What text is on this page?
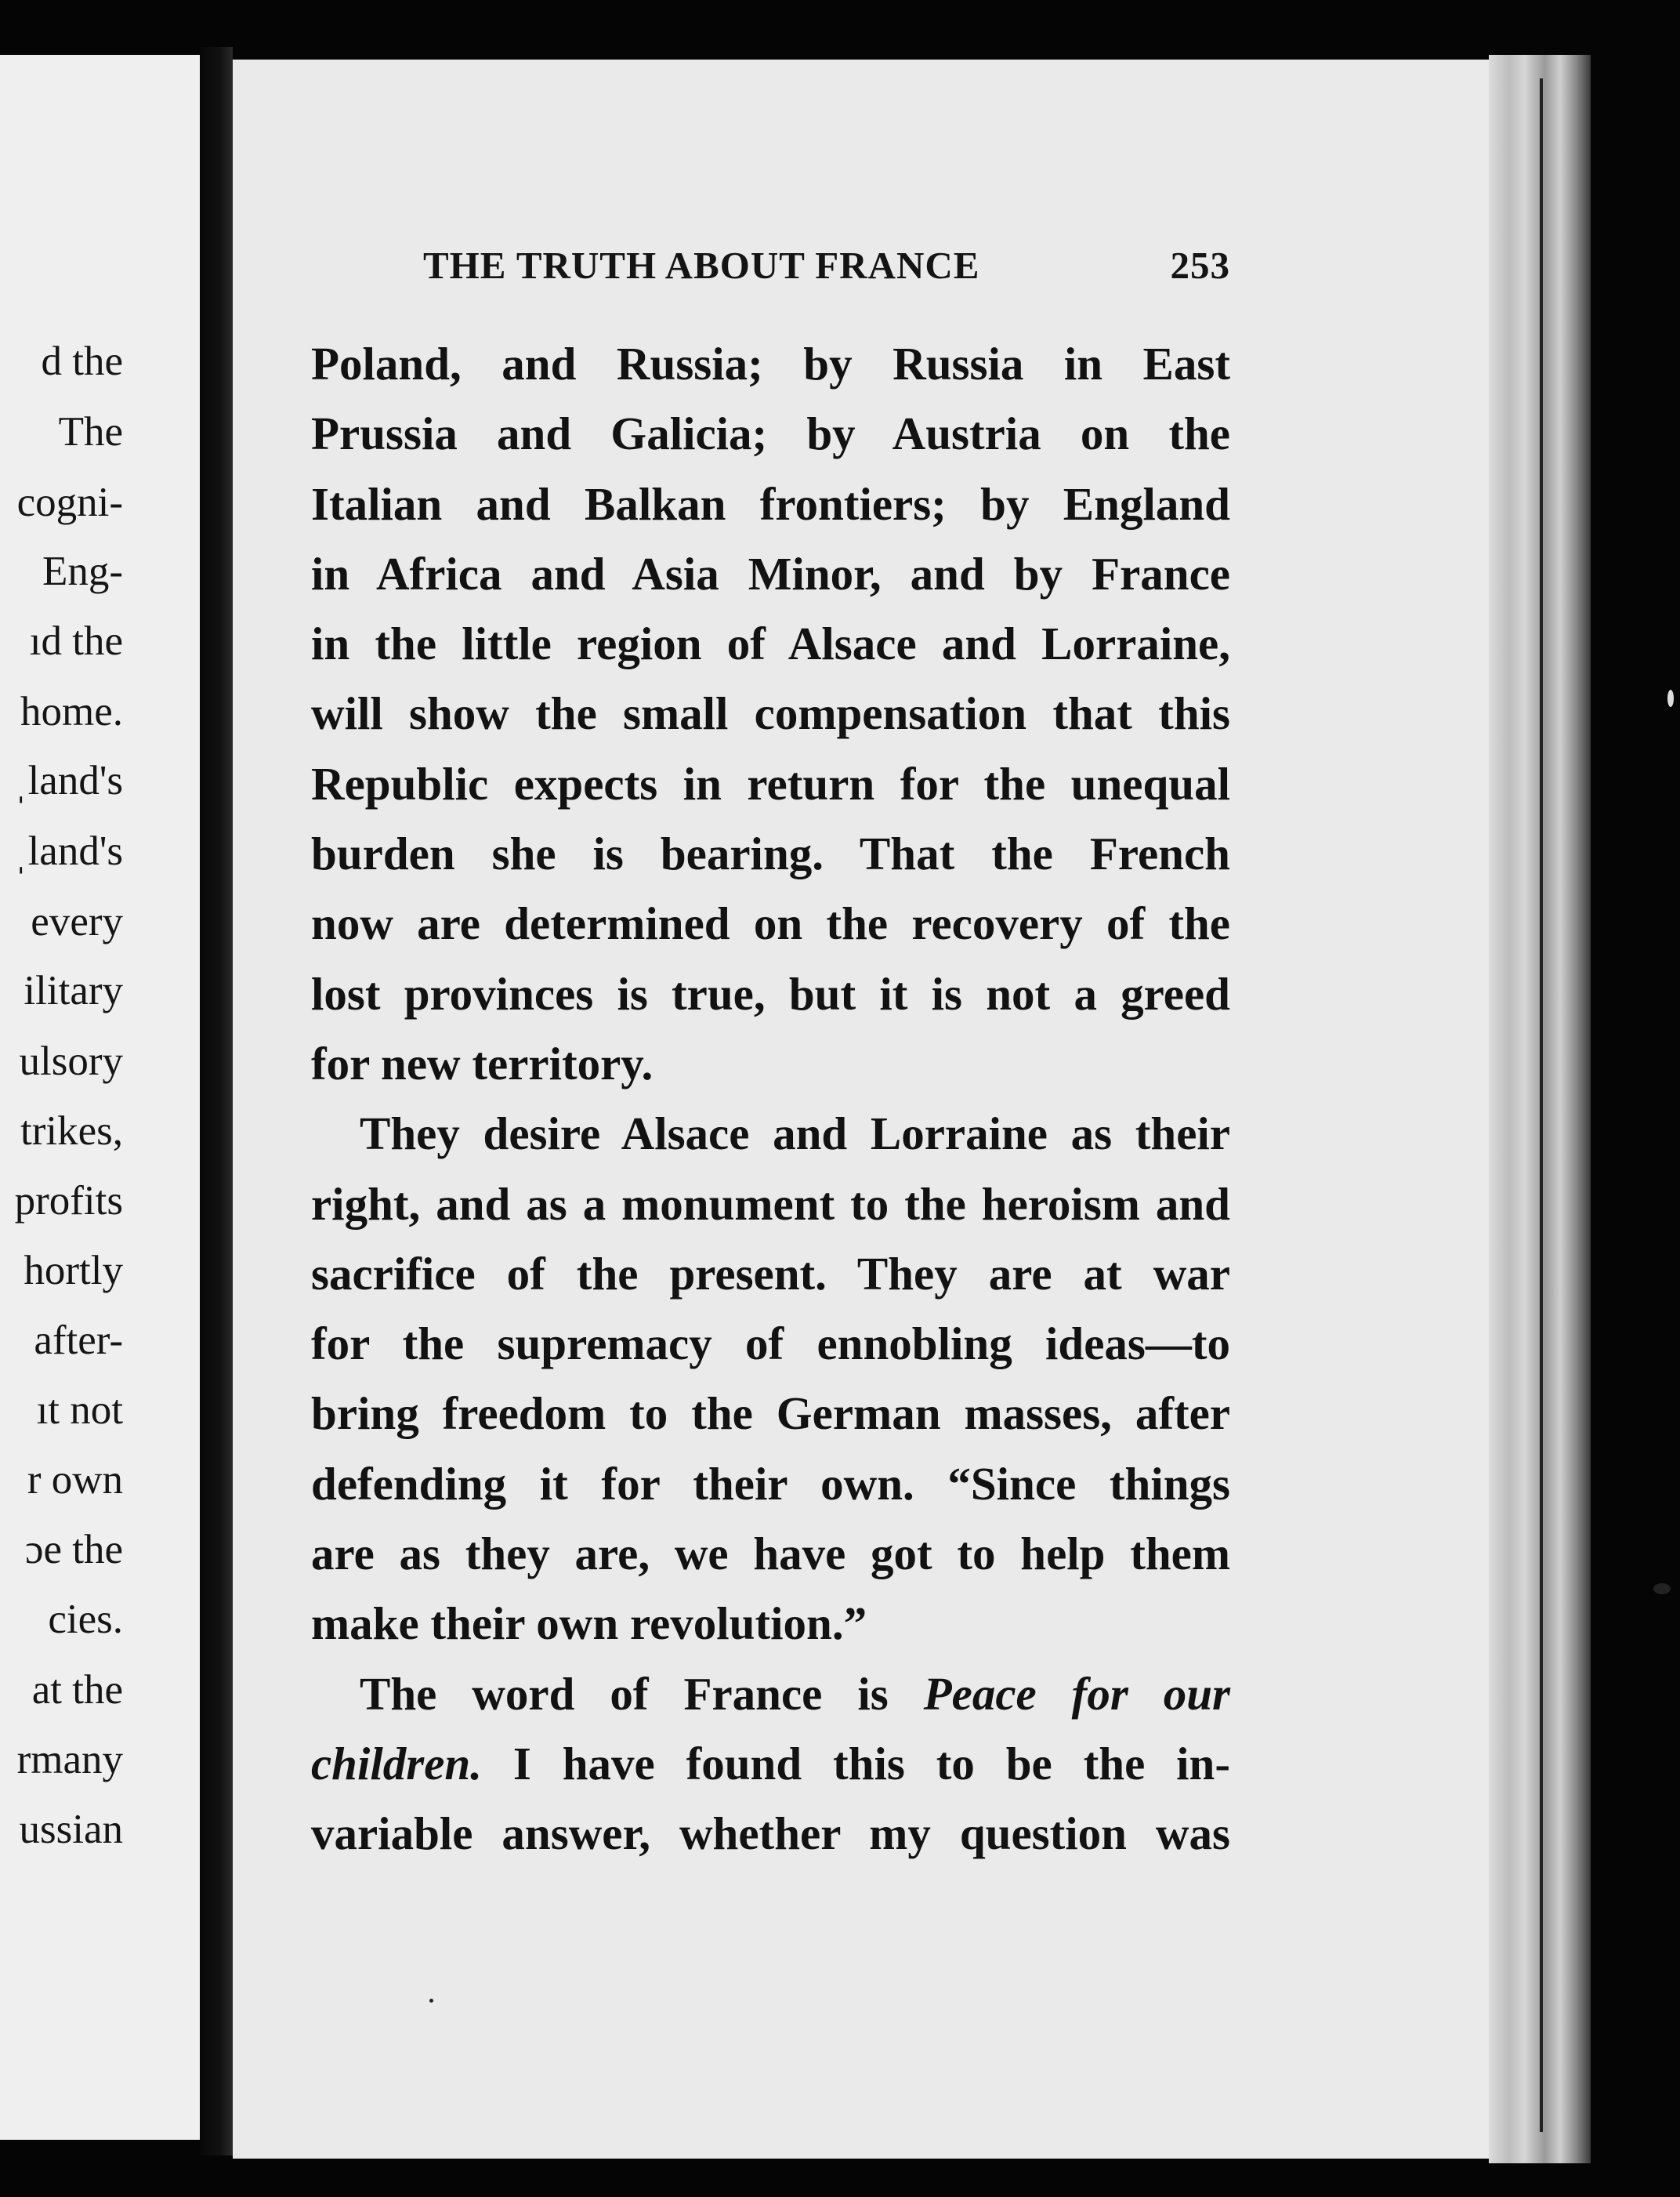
d the
The
cogni-
Eng-
ıd the
home.
ˌland's
ˌland's
every
ilitary
ulsory
trikes,
profits
hortly
after-
ıt not
r own
ɔe the
cies.
at the
rmany
ussian
THE TRUTH ABOUT FRANCE	253
Poland, and Russia; by Russia in East
Prussia and Galicia; by Austria on the
Italian and Balkan frontiers; by England
in Africa and Asia Minor, and by France
in the little region of Alsace and Lorraine,
will show the small compensation that this
Republic expects in return for the unequal
burden she is bearing. That the French
now are determined on the recovery of the
lost provinces is true, but it is not a greed
for new territory.
They desire Alsace and Lorraine as their
right, and as a monument to the heroism and
sacrifice of the present. They are at war
for the supremacy of ennobling ideas—to
bring freedom to the German masses, after
defending it for their own. “Since things
are as they are, we have got to help them
make their own revolution.”
The word of France is Peace for our
children. I have found this to be the in-
variable answer, whether my question was
